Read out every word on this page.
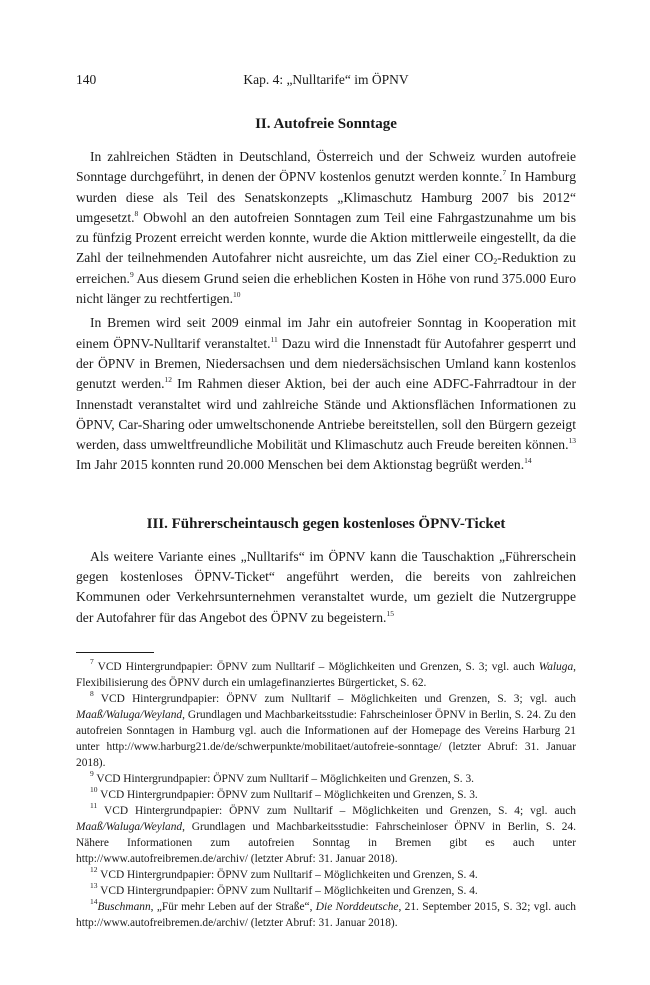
140	Kap. 4: „Nulltarife“ im ÖPNV
II. Autofreie Sonntage

In zahlreichen Städten in Deutschland, Österreich und der Schweiz wurden autofreie Sonntage durchgeführt, in denen der ÖPNV kostenlos genutzt werden konnte.$^7$ In Hamburg wurden diese als Teil des Senatskonzepts „Klimaschutz Hamburg 2007 bis 2012“ umgesetzt.$^8$ Obwohl an den autofreien Sonntagen zum Teil eine Fahrgastzunahme um bis zu fünfzig Prozent erreicht werden konnte, wurde die Aktion mittlerweile eingestellt, da die Zahl der teilnehmenden Autofahrer nicht ausreichte, um das Ziel einer $CO_2$-Reduktion zu erreichen.$^9$ Aus diesem Grund seien die erheblichen Kosten in Höhe von rund 375.000 Euro nicht länger zu rechtfertigen.$^{10}$

In Bremen wird seit 2009 einmal im Jahr ein autofreier Sonntag in Kooperation mit einem ÖPNV-Nulltarif veranstaltet.$^{11}$ Dazu wird die Innenstadt für Autofahrer gesperrt und der ÖPNV in Bremen, Niedersachsen und dem niedersächsischen Umland kann kostenlos genutzt werden.$^{12}$ Im Rahmen dieser Aktion, bei der auch eine ADFC-Fahrradtour in der Innenstadt veranstaltet wird und zahlreiche Stände und Aktionsflächen Informationen zu ÖPNV, Car-Sharing oder umweltschonende Antriebe bereitstellen, soll den Bürgern gezeigt werden, dass umweltfreundliche Mobilität und Klimaschutz auch Freude bereiten können.$^{13}$ Im Jahr 2015 konnten rund 20.000 Menschen bei dem Aktionstag begrüßt werden.$^{14}$

III. Führerscheintausch gegen kostenloses ÖPNV-Ticket

Als weitere Variante eines „Nulltarifs“ im ÖPNV kann die Tauschaktion „Führerschein gegen kostenloses ÖPNV-Ticket“ angeführt werden, die bereits von zahlreichen Kommunen oder Verkehrsunternehmen veranstaltet wurde, um gezielt die Nutzergruppe der Autofahrer für das Angebot des ÖPNV zu begeistern.$^{15}$

$^7$ VCD Hintergrundpapier: ÖPNV zum Nulltarif – Möglichkeiten und Grenzen, S. 3; vgl. auch Waluga, Flexibilisierung des ÖPNV durch ein umlagefinanziertes Bürgerticket, S. 62.

$^8$ VCD Hintergrundpapier: ÖPNV zum Nulltarif – Möglichkeiten und Grenzen, S. 3; vgl. auch Maaß/Waluga/Weyland, Grundlagen und Machbarkeitsstudie: Fahrscheinloser ÖPNV in Berlin, S. 24. Zu den autofreien Sonntagen in Hamburg vgl. auch die Informationen auf der Homepage des Vereins Harburg 21 unter http://www.harburg21.de/de/schwerpunkte/mobilitaet/autofreie-sonntage/ (letzter Abruf: 31. Januar 2018).

$^9$ VCD Hintergrundpapier: ÖPNV zum Nulltarif – Möglichkeiten und Grenzen, S. 3.

$^{10}$ VCD Hintergrundpapier: ÖPNV zum Nulltarif – Möglichkeiten und Grenzen, S. 3.

$^{11}$ VCD Hintergrundpapier: ÖPNV zum Nulltarif – Möglichkeiten und Grenzen, S. 4; vgl. auch Maaß/Waluga/Weyland, Grundlagen und Machbarkeitsstudie: Fahrscheinloser ÖPNV in Berlin, S. 24. Nähere Informationen zum autofreien Sonntag in Bremen gibt es auch unter http://www.autofreibremen.de/archiv/ (letzter Abruf: 31. Januar 2018).

$^{12}$ VCD Hintergrundpapier: ÖPNV zum Nulltarif – Möglichkeiten und Grenzen, S. 4.

$^{13}$ VCD Hintergrundpapier: ÖPNV zum Nulltarif – Möglichkeiten und Grenzen, S. 4.

$^{14}$Buschmann, „Für mehr Leben auf der Straße“, Die Norddeutsche, 21. September 2015, S. 32; vgl. auch http://www.autofreibremen.de/archiv/ (letzter Abruf: 31. Januar 2018).
